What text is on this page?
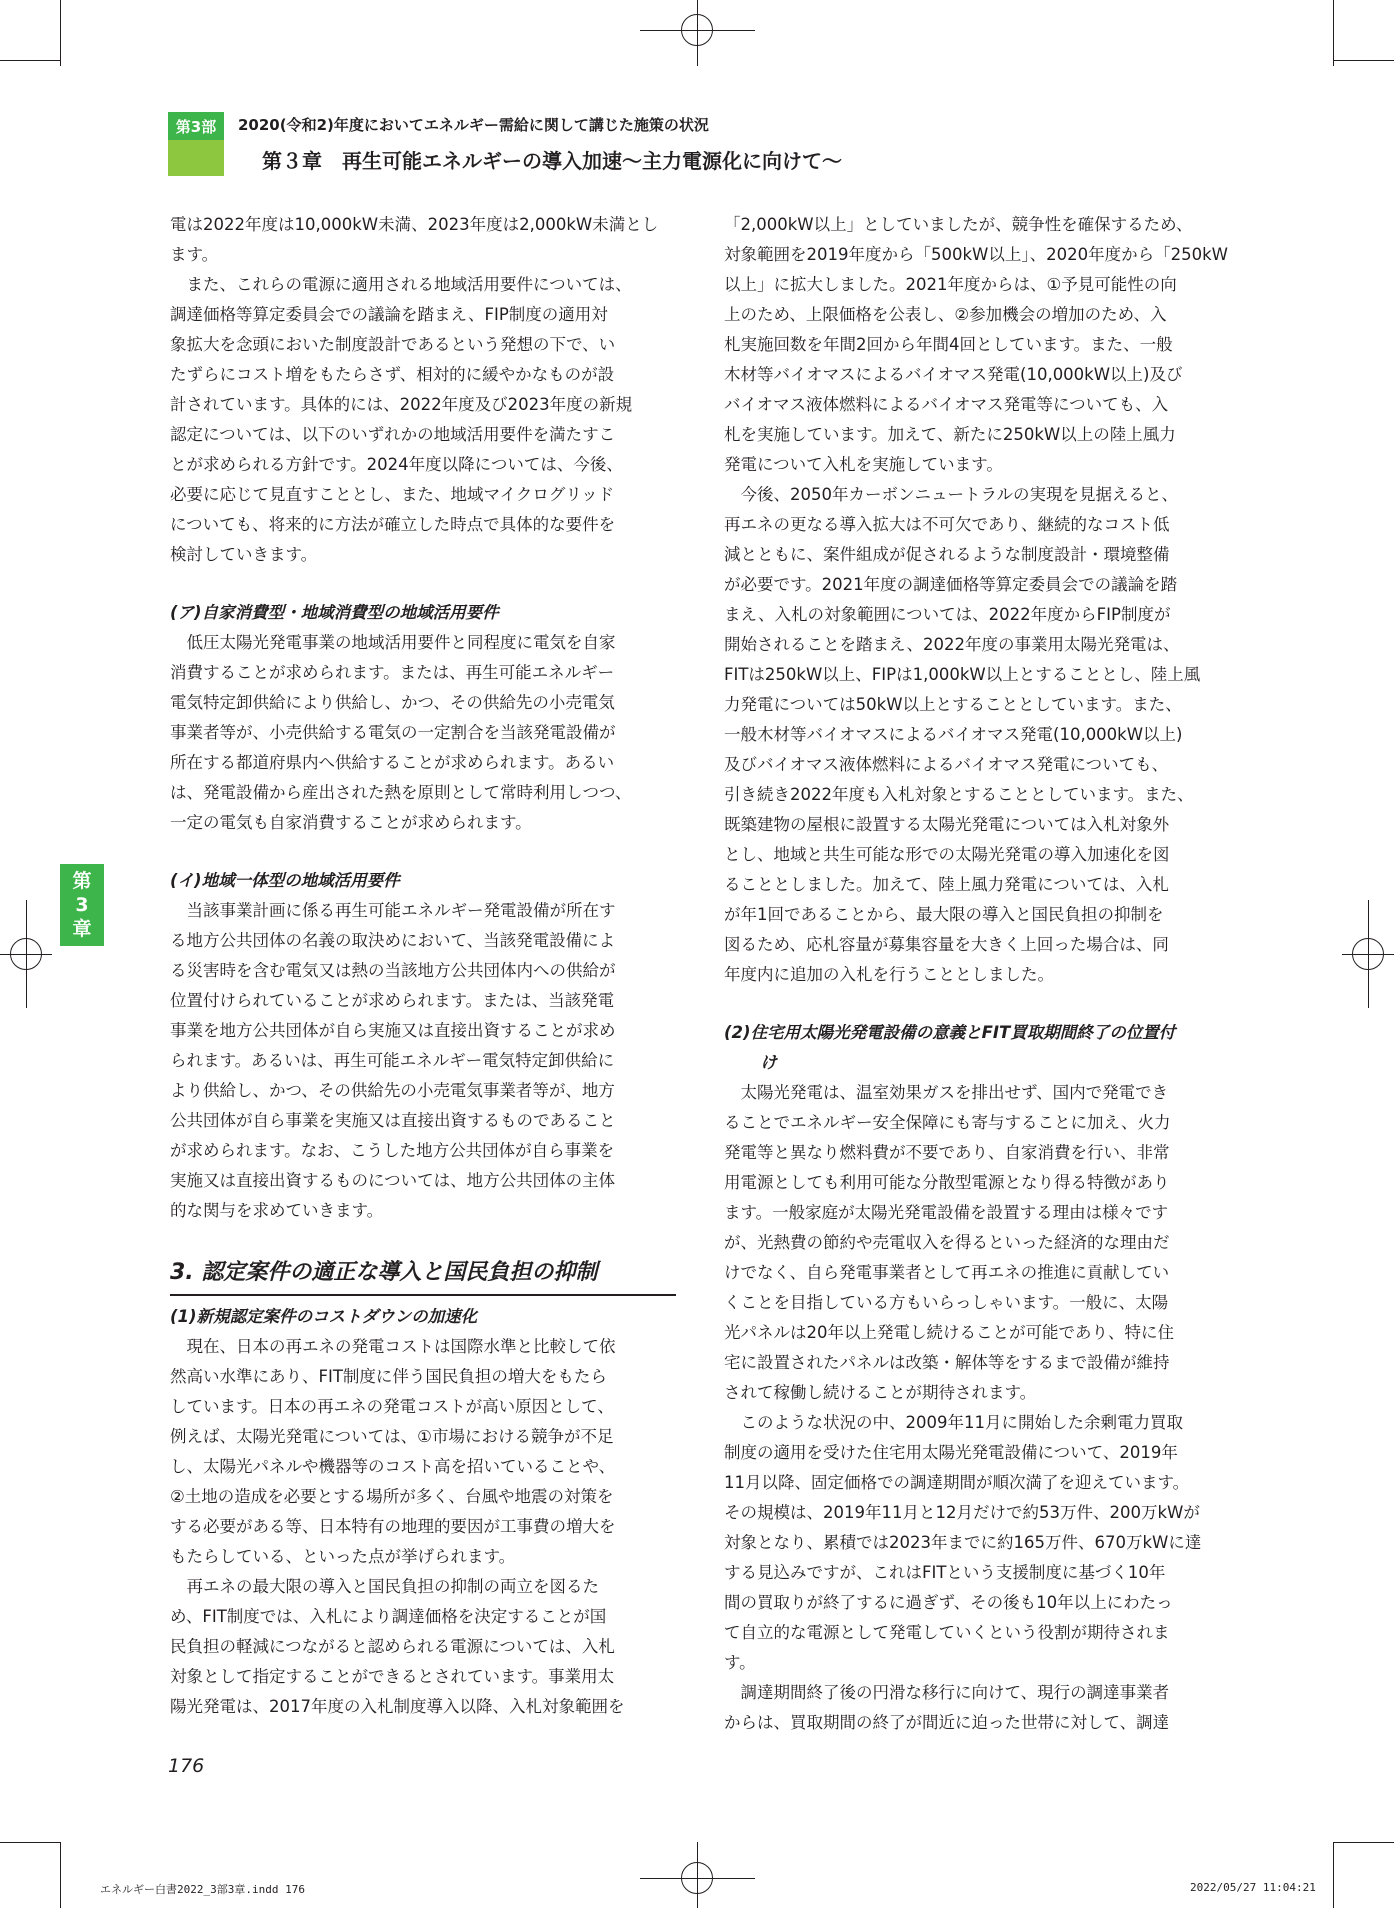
第3部	2020(令和2)年度においてエネルギー需給に関して講じた施策の状況
第３章　再生可能エネルギーの導入加速～主力電源化に向けて～
第
3
章

電は2022年度は10,000kW未満、2023年度は2,000kW未満とし
ます。

また、これらの電源に適用される地域活用要件については、
調達価格等算定委員会での議論を踏まえ、FIP制度の適用対
象拡大を念頭においた制度設計であるという発想の下で、い
たずらにコスト増をもたらさず、相対的に緩やかなものが設
計されています。具体的には、2022年度及び2023年度の新規
認定については、以下のいずれかの地域活用要件を満たすこ
とが求められる方針です。2024年度以降については、今後、
必要に応じて見直すこととし、また、地域マイクログリッド
についても、将来的に方法が確立した時点で具体的な要件を
検討していきます。

(ア)自家消費型・地域消費型の地域活用要件

低圧太陽光発電事業の地域活用要件と同程度に電気を自家
消費することが求められます。または、再生可能エネルギー
電気特定卸供給により供給し、かつ、その供給先の小売電気
事業者等が、小売供給する電気の一定割合を当該発電設備が
所在する都道府県内へ供給することが求められます。あるい
は、発電設備から産出された熱を原則として常時利用しつつ、
一定の電気も自家消費することが求められます。

(イ)地域一体型の地域活用要件

当該事業計画に係る再生可能エネルギー発電設備が所在す
る地方公共団体の名義の取決めにおいて、当該発電設備によ
る災害時を含む電気又は熱の当該地方公共団体内への供給が
位置付けられていることが求められます。または、当該発電
事業を地方公共団体が自ら実施又は直接出資することが求め
られます。あるいは、再生可能エネルギー電気特定卸供給に
より供給し、かつ、その供給先の小売電気事業者等が、地方
公共団体が自ら事業を実施又は直接出資するものであること
が求められます。なお、こうした地方公共団体が自ら事業を
実施又は直接出資するものについては、地方公共団体の主体
的な関与を求めていきます。

3. 認定案件の適正な導入と国民負担の抑制

(1)新規認定案件のコストダウンの加速化

現在、日本の再エネの発電コストは国際水準と比較して依
然高い水準にあり、FIT制度に伴う国民負担の増大をもたら
しています。日本の再エネの発電コストが高い原因として、
例えば、太陽光発電については、①市場における競争が不足
し、太陽光パネルや機器等のコスト高を招いていることや、
②土地の造成を必要とする場所が多く、台風や地震の対策を
する必要がある等、日本特有の地理的要因が工事費の増大を
もたらしている、といった点が挙げられます。

再エネの最大限の導入と国民負担の抑制の両立を図るた
め、FIT制度では、入札により調達価格を決定することが国
民負担の軽減につながると認められる電源については、入札
対象として指定することができるとされています。事業用太
陽光発電は、2017年度の入札制度導入以降、入札対象範囲を

「2,000kW以上」としていましたが、競争性を確保するため、
対象範囲を2019年度から「500kW以上」、2020年度から「250kW
以上」に拡大しました。2021年度からは、①予見可能性の向
上のため、上限価格を公表し、②参加機会の増加のため、入
札実施回数を年間2回から年間4回としています。また、一般
木材等バイオマスによるバイオマス発電(10,000kW以上)及び
バイオマス液体燃料によるバイオマス発電等についても、入
札を実施しています。加えて、新たに250kW以上の陸上風力
発電について入札を実施しています。

今後、2050年カーボンニュートラルの実現を見据えると、
再エネの更なる導入拡大は不可欠であり、継続的なコスト低
減とともに、案件組成が促されるような制度設計・環境整備
が必要です。2021年度の調達価格等算定委員会での議論を踏
まえ、入札の対象範囲については、2022年度からFIP制度が
開始されることを踏まえ、2022年度の事業用太陽光発電は、
FITは250kW以上、FIPは1,000kW以上とすることとし、陸上風
力発電については50kW以上とすることとしています。また、
一般木材等バイオマスによるバイオマス発電(10,000kW以上)
及びバイオマス液体燃料によるバイオマス発電についても、
引き続き2022年度も入札対象とすることとしています。また、
既築建物の屋根に設置する太陽光発電については入札対象外
とし、地域と共生可能な形での太陽光発電の導入加速化を図
ることとしました。加えて、陸上風力発電については、入札
が年1回であることから、最大限の導入と国民負担の抑制を
図るため、応札容量が募集容量を大きく上回った場合は、同
年度内に追加の入札を行うこととしました。

(2)住宅用太陽光発電設備の意義とFIT買取期間終了の位置付
け

太陽光発電は、温室効果ガスを排出せず、国内で発電でき
ることでエネルギー安全保障にも寄与することに加え、火力
発電等と異なり燃料費が不要であり、自家消費を行い、非常
用電源としても利用可能な分散型電源となり得る特徴があり
ます。一般家庭が太陽光発電設備を設置する理由は様々です
が、光熱費の節約や売電収入を得るといった経済的な理由だ
けでなく、自ら発電事業者として再エネの推進に貢献してい
くことを目指している方もいらっしゃいます。一般に、太陽
光パネルは20年以上発電し続けることが可能であり、特に住
宅に設置されたパネルは改築・解体等をするまで設備が維持
されて稼働し続けることが期待されます。

このような状況の中、2009年11月に開始した余剰電力買取
制度の適用を受けた住宅用太陽光発電設備について、2019年
11月以降、固定価格での調達期間が順次満了を迎えています。
その規模は、2019年11月と12月だけで約53万件、200万kWが
対象となり、累積では2023年までに約165万件、670万kWに達
する見込みですが、これはFITという支援制度に基づく10年
間の買取りが終了するに過ぎず、その後も10年以上にわたっ
て自立的な電源として発電していくという役割が期待されま
す。

調達期間終了後の円滑な移行に向けて、現行の調達事業者
からは、買取期間の終了が間近に迫った世帯に対して、調達

176
エネルギー白書2022_3部3章.indd 176	2022/05/27 11:04:21
